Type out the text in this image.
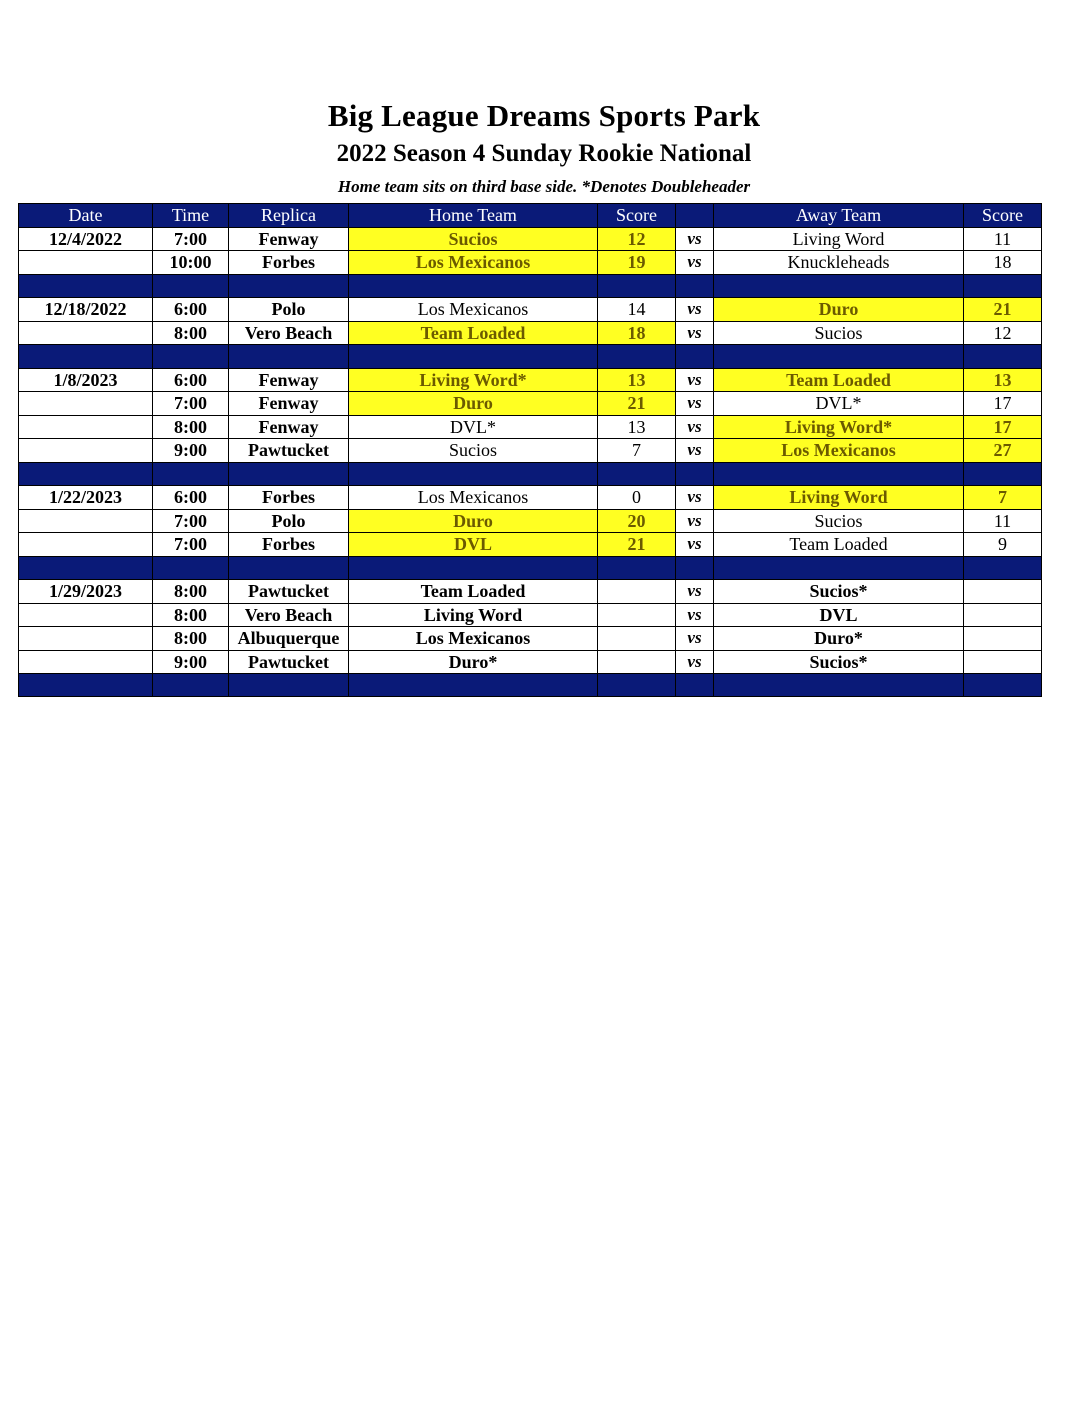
Big League Dreams Sports Park
2022 Season 4 Sunday Rookie National
Home team sits on third base side. *Denotes Doubleheader
Date	Time	Replica	Home Team	Score		Away Team	Score
12/4/2022	7:00	Fenway	Sucios	12	vs	Living Word	11
	10:00	Forbes	Los Mexicanos	19	vs	Knuckleheads	18

12/18/2022	6:00	Polo	Los Mexicanos	14	vs	Duro	21
	8:00	Vero Beach	Team Loaded	18	vs	Sucios	12

1/8/2023	6:00	Fenway	Living Word*	13	vs	Team Loaded	13
	7:00	Fenway	Duro	21	vs	DVL*	17
	8:00	Fenway	DVL*	13	vs	Living Word*	17
	9:00	Pawtucket	Sucios	7	vs	Los Mexicanos	27

1/22/2023	6:00	Forbes	Los Mexicanos	0	vs	Living Word	7
	7:00	Polo	Duro	20	vs	Sucios	11
	7:00	Forbes	DVL	21	vs	Team Loaded	9

1/29/2023	8:00	Pawtucket	Team Loaded		vs	Sucios*	
	8:00	Vero Beach	Living Word		vs	DVL	
	8:00	Albuquerque	Los Mexicanos		vs	Duro*	
	9:00	Pawtucket	Duro*		vs	Sucios*	
